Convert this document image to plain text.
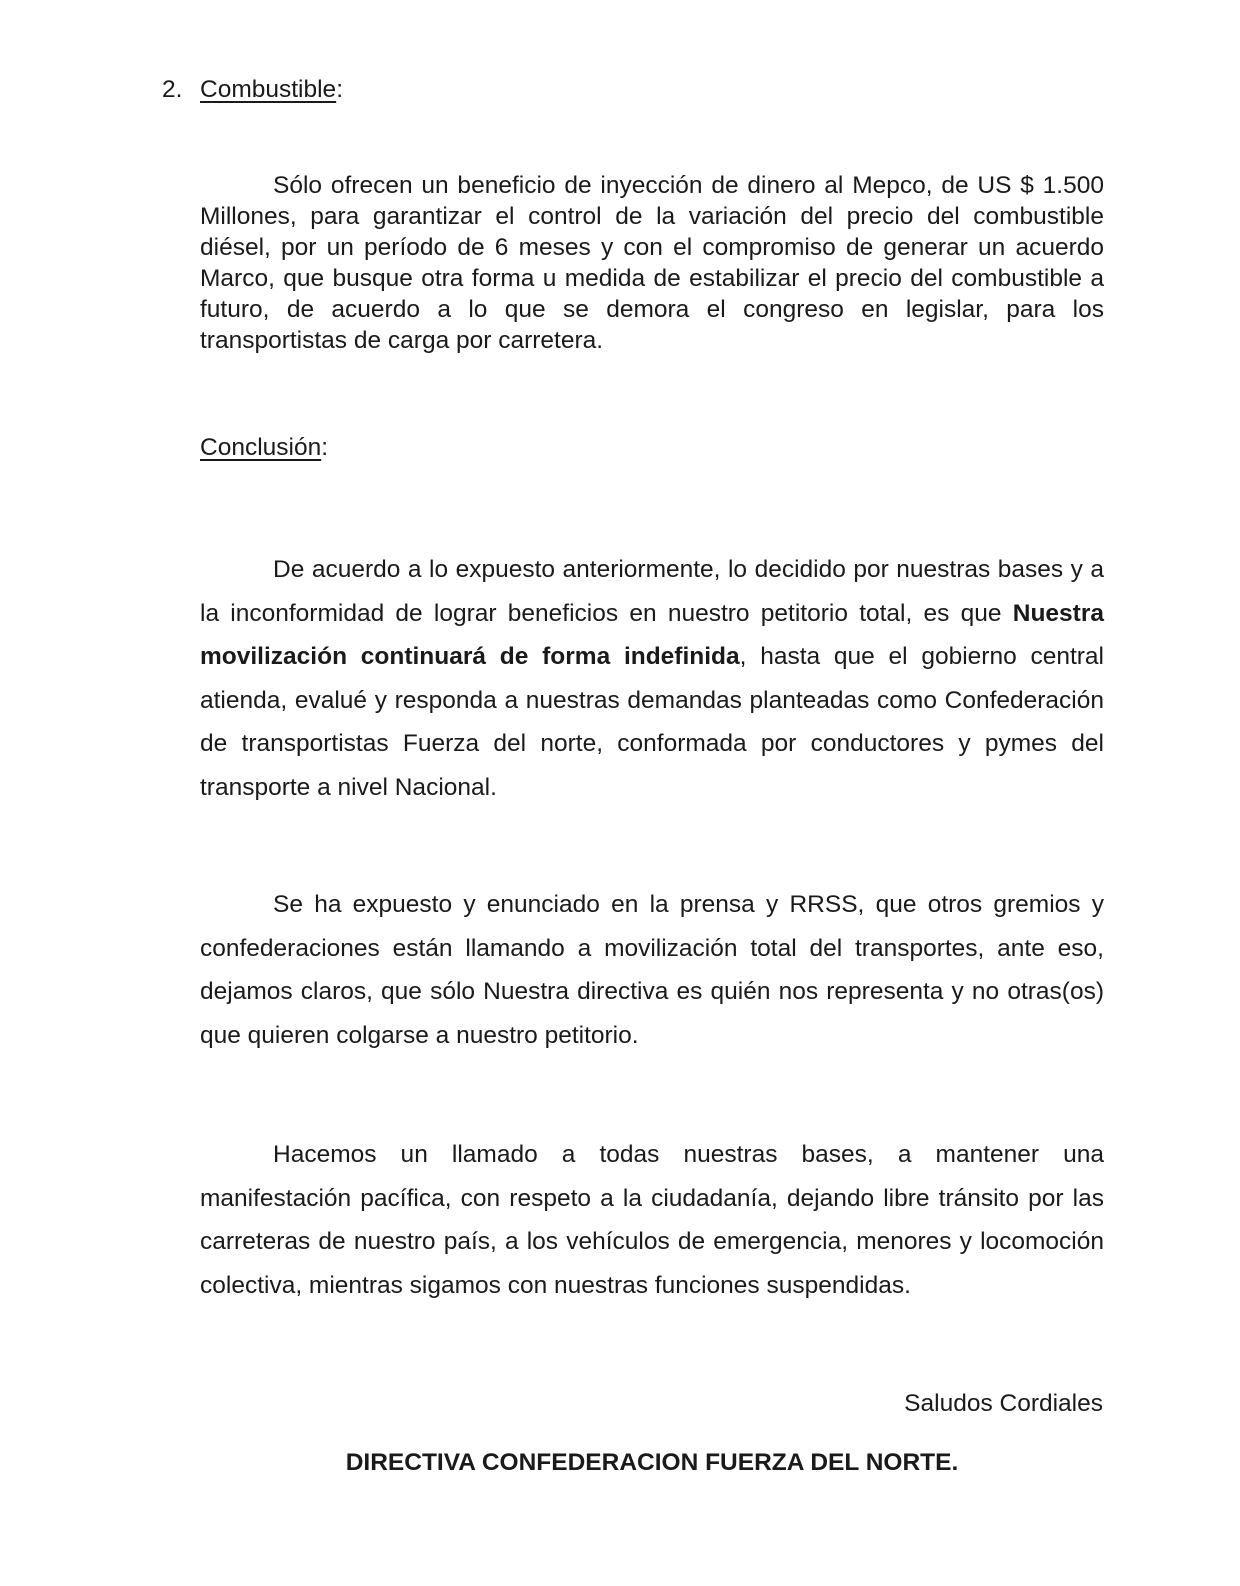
2. Combustible:

Sólo ofrecen un beneficio de inyección de dinero al Mepco, de US $ 1.500 Millones, para garantizar el control de la variación del precio del combustible diésel, por un período de 6 meses y con el compromiso de generar un acuerdo Marco, que busque otra forma u medida de estabilizar el precio del combustible a futuro, de acuerdo a lo que se demora el congreso en legislar, para los transportistas de carga por carretera.

Conclusión:

De acuerdo a lo expuesto anteriormente, lo decidido por nuestras bases y a la inconformidad de lograr beneficios en nuestro petitorio total, es que Nuestra movilización continuará de forma indefinida, hasta que el gobierno central atienda, evalué y responda a nuestras demandas planteadas como Confederación de transportistas Fuerza del norte, conformada por conductores y pymes del transporte a nivel Nacional.

Se ha expuesto y enunciado en la prensa y RRSS, que otros gremios y confederaciones están llamando a movilización total del transportes, ante eso, dejamos claros, que sólo Nuestra directiva es quién nos representa y no otras(os) que quieren colgarse a nuestro petitorio.

Hacemos un llamado a todas nuestras bases, a mantener una manifestación pacífica, con respeto a la ciudadanía, dejando libre tránsito por las carreteras de nuestro país, a los vehículos de emergencia, menores y locomoción colectiva, mientras sigamos con nuestras funciones suspendidas.

Saludos Cordiales
DIRECTIVA CONFEDERACION FUERZA DEL NORTE.
